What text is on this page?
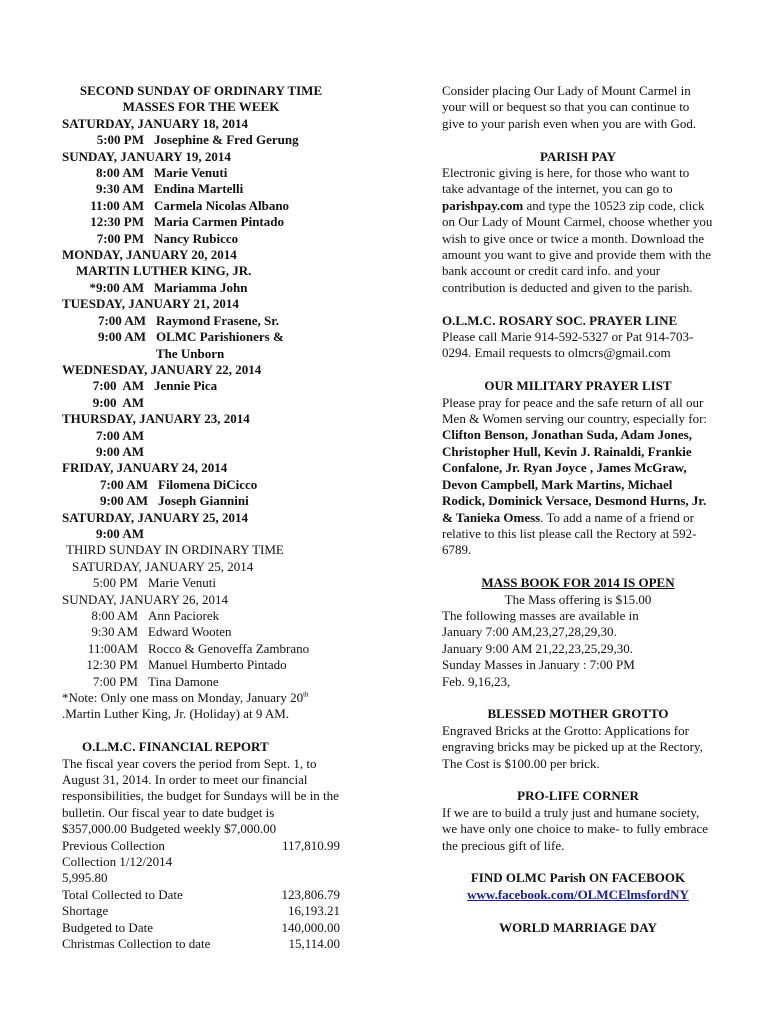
SECOND SUNDAY OF ORDINARY TIME
MASSES FOR THE WEEK
SATURDAY, JANUARY 18, 2014
5:00 PM Josephine & Fred Gerung
SUNDAY, JANUARY 19, 2014
8:00 AM Marie Venuti
9:30 AM Endina Martelli
11:00 AM Carmela Nicolas Albano
12:30 PM Maria Carmen Pintado
7:00 PM Nancy Rubicco
MONDAY, JANUARY 20, 2014
MARTIN LUTHER KING, JR.
*9:00 AM Mariamma John
TUESDAY, JANUARY 21, 2014
7:00 AM Raymond Frasene, Sr.
9:00 AM OLMC Parishioners &

The Unborn
WEDNESDAY, JANUARY 22, 2014
7:00  AM Jennie Pica
9:00  AM
THURSDAY, JANUARY 23, 2014
7:00 AM
9:00 AM
FRIDAY, JANUARY 24, 2014
7:00 AM Filomena DiCicco
9:00 AM Joseph Giannini
SATURDAY, JANUARY 25, 2014
9:00 AM
THIRD SUNDAY IN ORDINARY TIME
SATURDAY, JANUARY 25, 2014
5:00 PM Marie Venuti
SUNDAY, JANUARY 26, 2014
8:00 AM Ann Paciorek
9:30 AM Edward Wooten
11:00AM Rocco & Genoveffa Zambrano
12:30 PM Manuel Humberto Pintado
7:00 PM Tina Damone
*Note: Only one mass on Monday, January 20th
.Martin Luther King, Jr. (Holiday) at 9 AM.
O.L.M.C. FINANCIAL REPORT
The fiscal year covers the period from Sept. 1, to August 31, 2014. In order to meet our financial responsibilities, the budget for Sundays will be in the bulletin. Our fiscal year to date budget is $357,000.00 Budgeted weekly $7,000.00
Previous Collection	117,810.99
Collection 1/12/2014
5,995.80
Total Collected to Date	123,806.79
Shortage	16,193.21
Budgeted to Date	140,000.00
Christmas Collection to date	15,114.00
Consider placing Our Lady of Mount Carmel in your will or bequest so that you can continue to give to your parish even when you are with God.
PARISH PAY
Electronic giving is here, for those who want to take advantage of the internet, you can go to parishpay.com and type the 10523 zip code, click on Our Lady of Mount Carmel, choose whether you wish to give once or twice a month. Download the amount you want to give and provide them with the bank account or credit card info. and your contribution is deducted and given to the parish.
O.L.M.C. ROSARY SOC. PRAYER LINE
Please call Marie 914-592-5327 or Pat 914-703-0294. Email requests to olmcrs@gmail.com
OUR MILITARY PRAYER LIST
Please pray for peace and the safe return of all our Men & Women serving our country, especially for: Clifton Benson, Jonathan Suda, Adam Jones, Christopher Hull, Kevin J. Rainaldi, Frankie Confalone, Jr. Ryan Joyce , James McGraw, Devon Campbell, Mark Martins, Michael Rodick, Dominick Versace, Desmond Hurns, Jr. & Tanieka Omess. To add a name of a friend or relative to this list please call the Rectory at 592-6789.
MASS BOOK FOR 2014 IS OPEN
The Mass offering is $15.00
The following masses are available in
January 7:00 AM,23,27,28,29,30.
January 9:00 AM 21,22,23,25,29,30.
Sunday Masses in January : 7:00 PM
Feb. 9,16,23,
BLESSED MOTHER GROTTO
Engraved Bricks at the Grotto: Applications for engraving bricks may be picked up at the Rectory, The Cost is $100.00 per brick.
PRO-LIFE CORNER
If we are to build a truly just and humane society, we have only one choice to make- to fully embrace the precious gift of life.
FIND OLMC Parish ON FACEBOOK
www.facebook.com/OLMCElmsfordNY
WORLD MARRIAGE DAY
